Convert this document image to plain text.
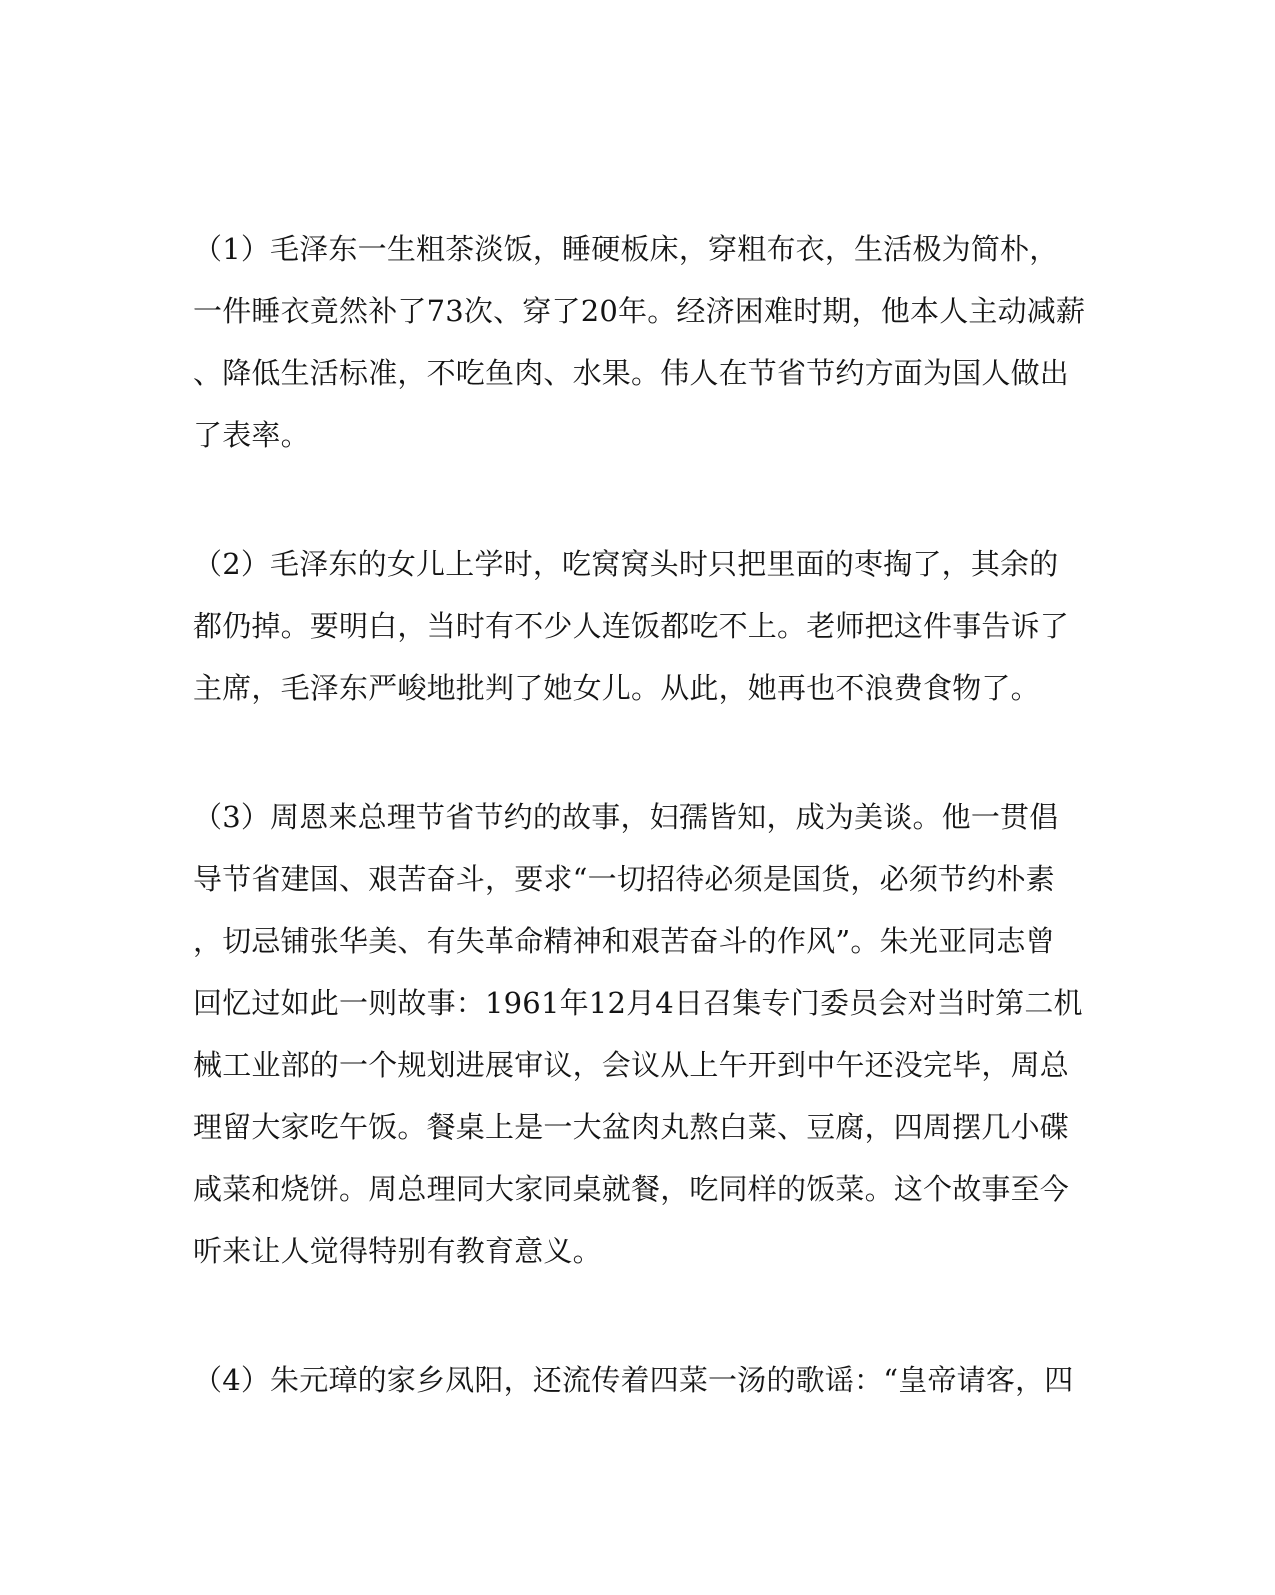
（1）毛泽东一生粗茶淡饭，睡硬板床，穿粗布衣，生活极为简朴，
一件睡衣竟然补了73次、穿了20年。经济困难时期，他本人主动减薪
、降低生活标准，不吃鱼肉、水果。伟人在节省节约方面为国人做出
了表率。
（2）毛泽东的女儿上学时，吃窝窝头时只把里面的枣掏了，其余的
都仍掉。要明白，当时有不少人连饭都吃不上。老师把这件事告诉了
主席，毛泽东严峻地批判了她女儿。从此，她再也不浪费食物了。
（3）周恩来总理节省节约的故事，妇孺皆知，成为美谈。他一贯倡
导节省建国、艰苦奋斗，要求“一切招待必须是国货，必须节约朴素
，切忌铺张华美、有失革命精神和艰苦奋斗的作风”。朱光亚同志曾
回忆过如此一则故事：1961年12月4日召集专门委员会对当时第二机
械工业部的一个规划进展审议，会议从上午开到中午还没完毕，周总
理留大家吃午饭。餐桌上是一大盆肉丸熬白菜、豆腐，四周摆几小碟
咸菜和烧饼。周总理同大家同桌就餐，吃同样的饭菜。这个故事至今
听来让人觉得特别有教育意义。
（4）朱元璋的家乡凤阳，还流传着四菜一汤的歌谣：“皇帝请客，四
